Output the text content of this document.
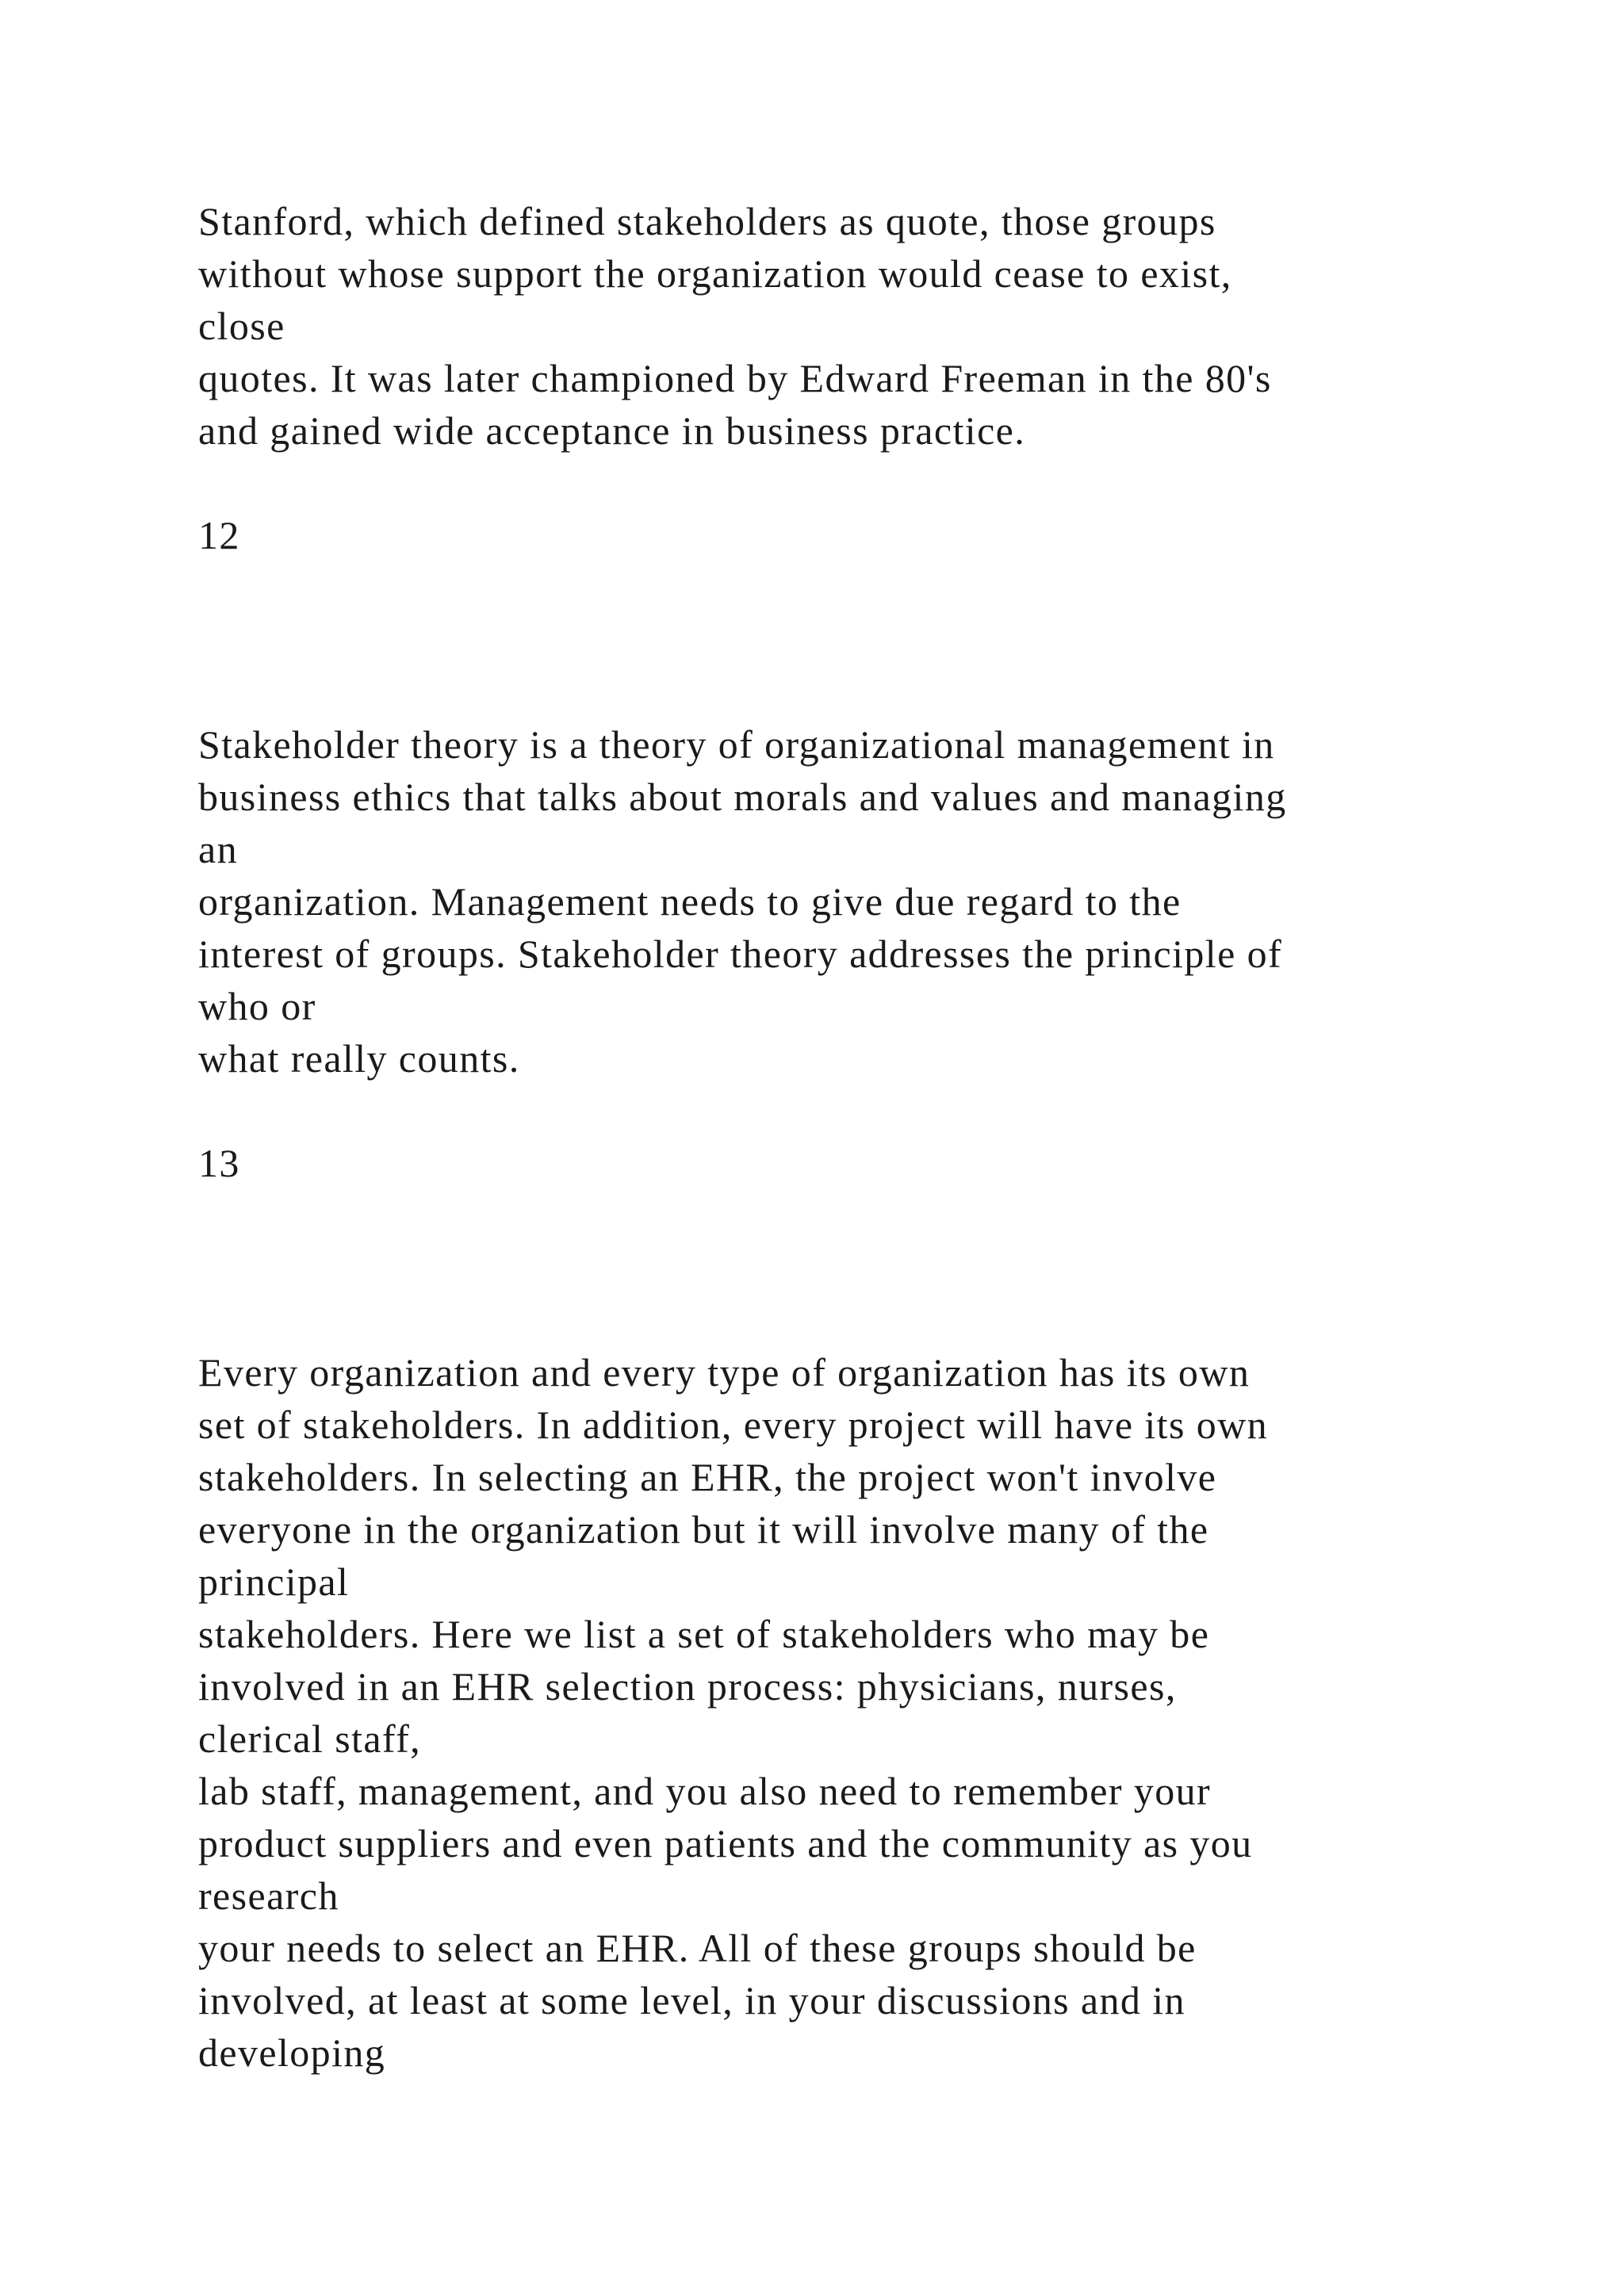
Stanford, which defined stakeholders as quote, those groups
without whose support the organization would cease to exist,
close
quotes. It was later championed by Edward Freeman in the 80's
and gained wide acceptance in business practice.
12
Stakeholder theory is a theory of organizational management in
business ethics that talks about morals and values and managing
an
organization. Management needs to give due regard to the
interest of groups. Stakeholder theory addresses the principle of
who or
what really counts.
13
Every organization and every type of organization has its own
set of stakeholders. In addition, every project will have its own
stakeholders. In selecting an EHR, the project won't involve
everyone in the organization but it will involve many of the
principal
stakeholders. Here we list a set of stakeholders who may be
involved in an EHR selection process: physicians, nurses,
clerical staff,
lab staff, management, and you also need to remember your
product suppliers and even patients and the community as you
research
your needs to select an EHR. All of these groups should be
involved, at least at some level, in your discussions and in
developing
